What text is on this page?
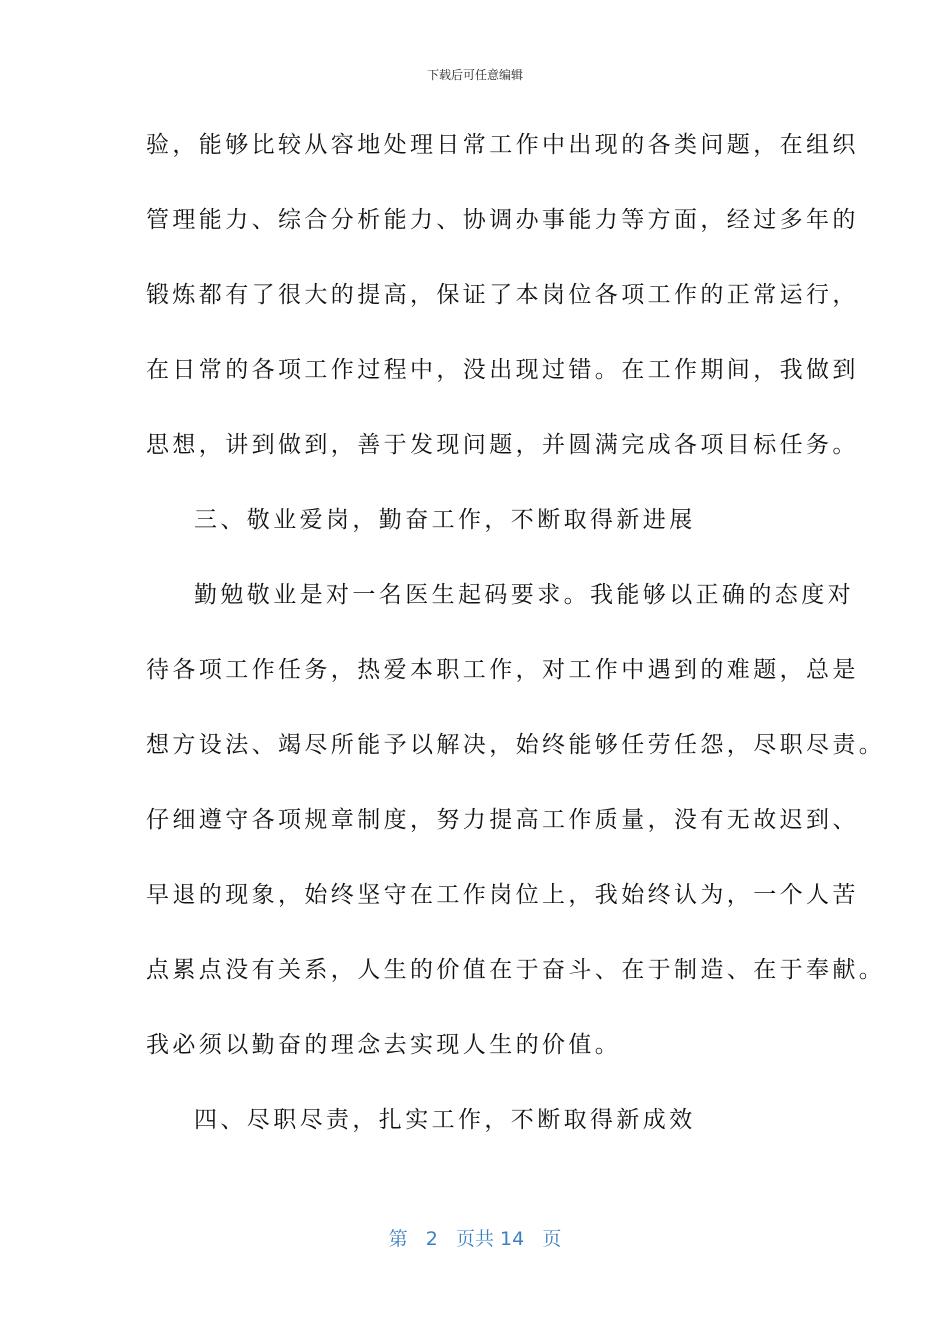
下载后可任意编辑
验，能够比较从容地处理日常工作中出现的各类问题，在组织
管理能力、综合分析能力、协调办事能力等方面，经过多年的
锻炼都有了很大的提高，保证了本岗位各项工作的正常运行，
在日常的各项工作过程中，没出现过错。在工作期间，我做到
思想，讲到做到，善于发现问题，并圆满完成各项目标任务。
三、敬业爱岗，勤奋工作，不断取得新进展
勤勉敬业是对一名医生起码要求。我能够以正确的态度对
待各项工作任务，热爱本职工作，对工作中遇到的难题，总是
想方设法、竭尽所能予以解决，始终能够任劳任怨，尽职尽责。
仔细遵守各项规章制度，努力提高工作质量，没有无故迟到、
早退的现象，始终坚守在工作岗位上，我始终认为，一个人苦
点累点没有关系，人生的价值在于奋斗、在于制造、在于奉献。
我必须以勤奋的理念去实现人生的价值。
四、尽职尽责，扎实工作，不断取得新成效
第 2 页共 14 页
